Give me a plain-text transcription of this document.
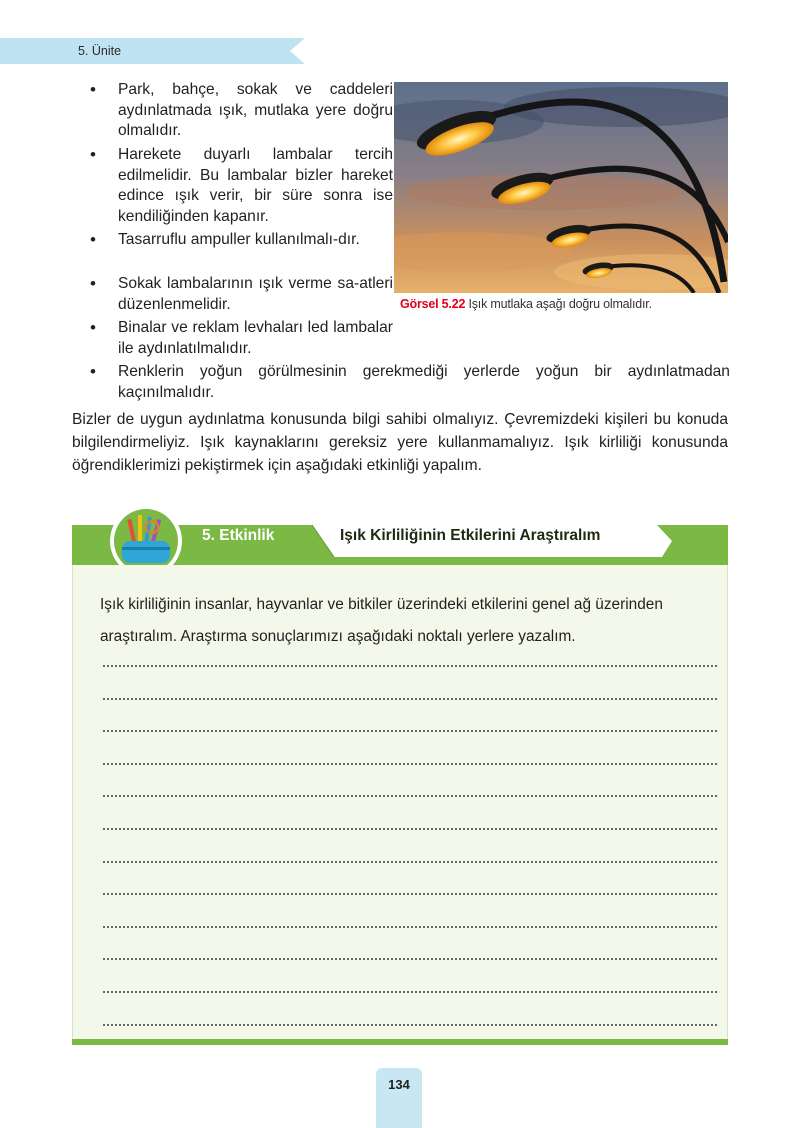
5. Ünite
• Park, bahçe, sokak ve caddeleri aydınlatmada ışık, mutlaka yere doğru olmalıdır.
• Harekete duyarlı lambalar tercih edilmelidir. Bu lambalar bizler hareket edince ışık verir, bir süre sonra ise kendiliğinden kapanır.
• Tasarruflu ampuller kullanılmalı-dır.
• Sokak lambalarının ışık verme sa-atleri düzenlenmelidir.
• Binalar ve reklam levhaları led lambalar ile aydınlatılmalıdır.
• Renklerin yoğun görülmesinin gerekmediği yerlerde yoğun bir aydınlatmadan kaçınılmalıdır.
Görsel 5.22 Işık mutlaka aşağı doğru olmalıdır.
Bizler de uygun aydınlatma konusunda bilgi sahibi olmalıyız. Çevremizdeki kişileri bu konuda bilgilendirmeliyiz. Işık kaynaklarını gereksiz yere kullanmamalıyız. Işık kirliliği konusunda öğrendiklerimizi pekiştirmek için aşağıdaki etkinliği yapalım.
5. Etkinlik	Işık Kirliliğinin Etkilerini Araştıralım
Işık kirliliğinin insanlar, hayvanlar ve bitkiler üzerindeki etkilerini genel ağ üzerinden araştıralım. Araştırma sonuçlarımızı aşağıdaki noktalı yerlere yazalım.
134
